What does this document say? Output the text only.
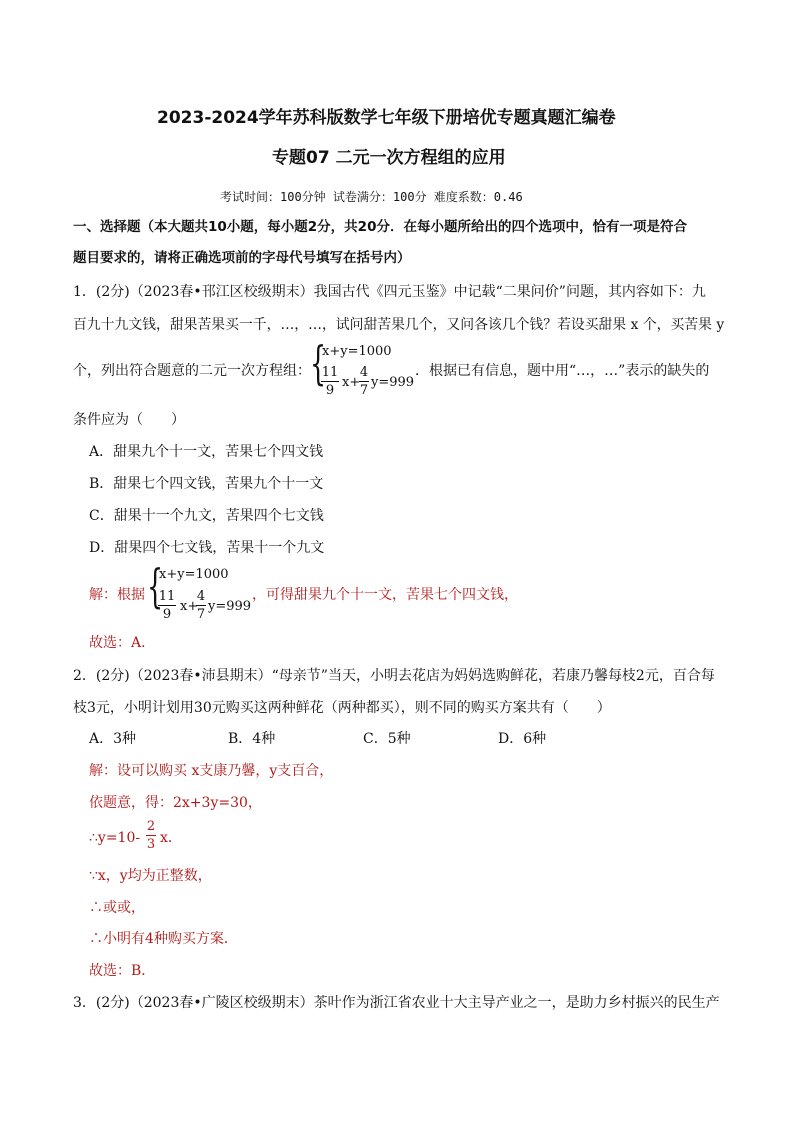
2023-2024学年苏科版数学七年级下册培优专题真题汇编卷
专题07 二元一次方程组的应用
考试时间：100分钟 试卷满分：100分 难度系数：0.46
一、选择题（本大题共10小题，每小题2分，共20分．在每小题所给出的四个选项中，恰有一项是符合
题目要求的，请将正确选项前的字母代号填写在括号内）
1．(2分)（2023春•邗江区校级期末）我国古代《四元玉鉴》中记载“二果问价”问题，其内容如下：九
百九十九文钱，甜果苦果买一千，…，…，试问甜苦果几个，又问各该几个钱？若设买甜果 x 个，买苦果 y
个，列出符合题意的二元一次方程组： {
x+y=1000
11
9
x+
4
7
y=999
．根据已有信息，题中用“…，…”表示的缺失的
条件应为（　　）
A．甜果九个十一文，苦果七个四文钱
B．甜果七个四文钱，苦果九个十一文
C．甜果十一个九文，苦果四个七文钱
D．甜果四个七文钱，苦果十一个九文
解：根据 {
x+y=1000
11
9
x+
4
7
y=999
，可得甜果九个十一文，苦果七个四文钱，
故选：A．
2．(2分)（2023春•沛县期末）“母亲节”当天，小明去花店为妈妈选购鲜花，若康乃馨每枝2元，百合每
枝3元，小明计划用30元购买这两种鲜花（两种都买），则不同的购买方案共有（　　）
A．3种	B．4种	C．5种	D．6种
解：设可以购买 x支康乃馨，y支百合，
依题意，得：2x+3y=30，
∴y=10-
2
3 x．
∵x，y均为正整数，
∴或或，
∴小明有4种购买方案．
故选：B．
3．(2分)（2023春•广陵区校级期末）茶叶作为浙江省农业十大主导产业之一，是助力乡村振兴的民生产
